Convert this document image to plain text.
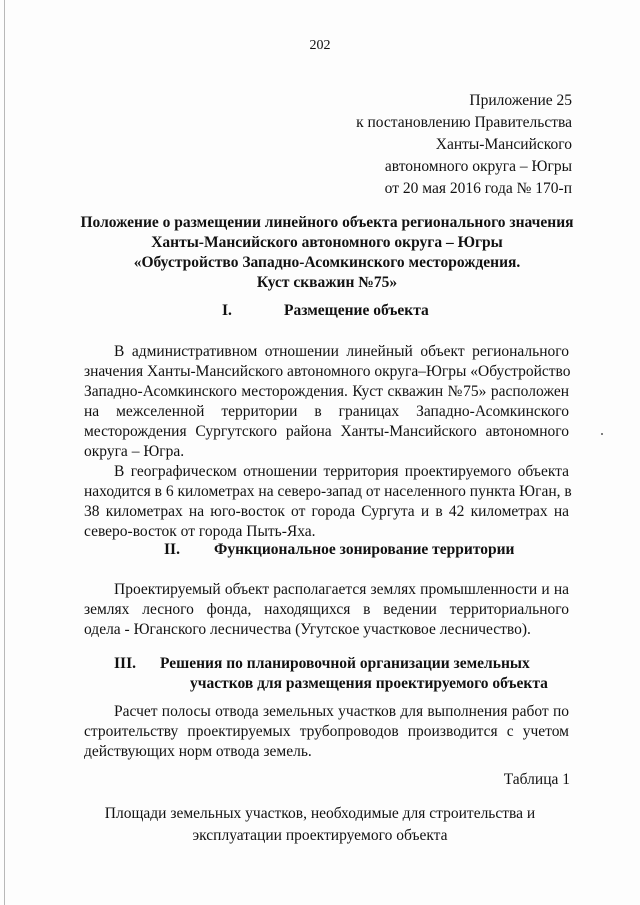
202
Приложение 25
к постановлению Правительства
Ханты-Мансийского
автономного округа – Югры
от 20 мая 2016 года № 170-п
Положение о размещении линейного объекта регионального значения
Ханты-Мансийского автономного округа – Югры
«Обустройство Западно-Асомкинского месторождения.
Куст скважин №75»
I.	Размещение объекта
В административном отношении линейный объект регионального
значения Ханты-Мансийского автономного округа–Югры «Обустройство
Западно-Асомкинского месторождения. Куст скважин №75» расположен
на межселенной территории в границах Западно-Асомкинского
месторождения Сургутского района Ханты-Мансийского автономного
округа – Югра.
В географическом отношении территория проектируемого объекта
находится в 6 километрах на северо-запад от населенного пункта Юган, в
38 километрах на юго-восток от города Сургута и в 42 километрах на
северо-восток от города Пыть-Яха.
II. Функциональное зонирование территории
Проектируемый объект располагается землях промышленности и на
землях лесного фонда, находящихся в ведении территориального
одела - Юганского лесничества (Угутское участковое лесничество).
III. Решения по планировочной организации земельных
участков для размещения проектируемого объекта
Расчет полосы отвода земельных участков для выполнения работ по
строительству проектируемых трубопроводов производится с учетом
действующих норм отвода земель.
Таблица 1
Площади земельных участков, необходимые для строительства и
эксплуатации проектируемого объекта
